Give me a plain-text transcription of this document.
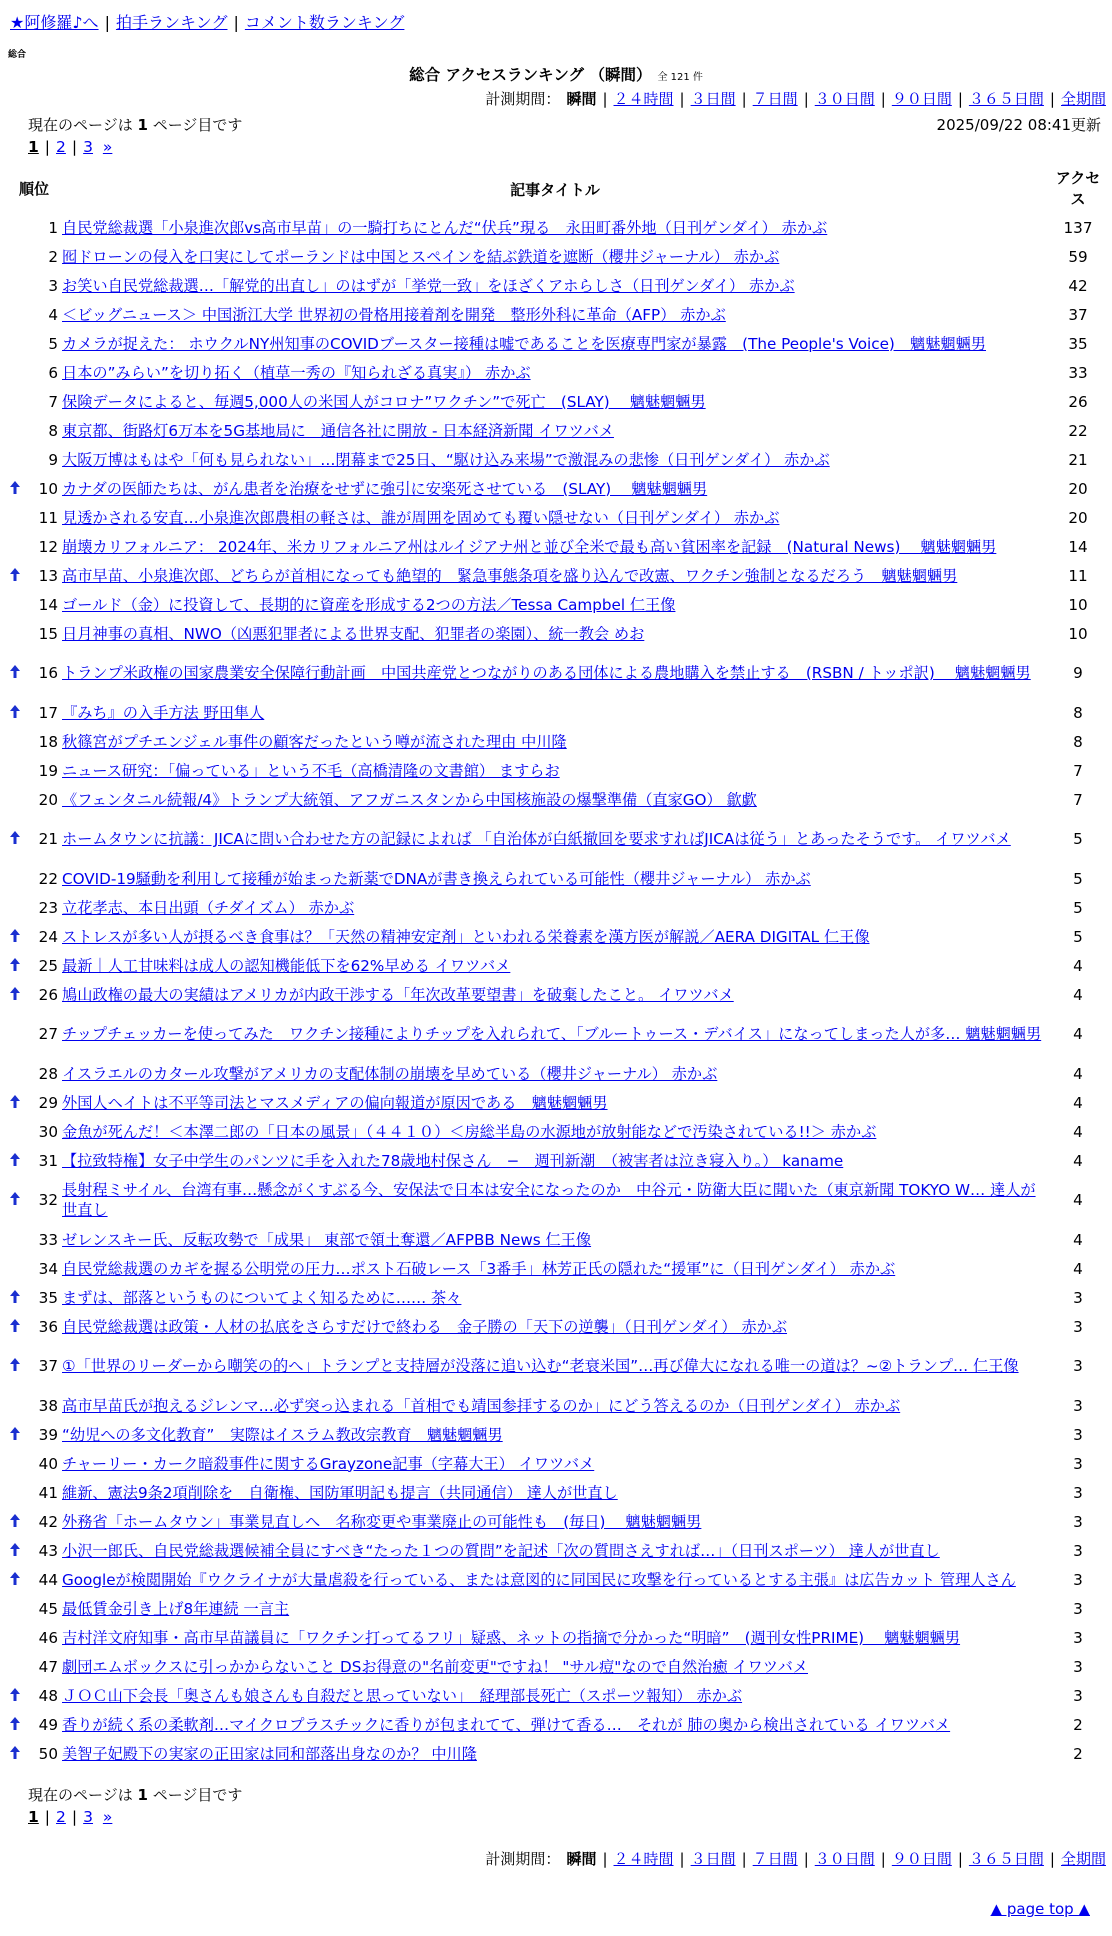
★阿修羅♪へ | 拍手ランキング | コメント数ランキング
総合
総合 アクセスランキング （瞬間） 全 121 件
計測期間： 瞬間 | ２４時間 | ３日間 | ７日間 | ３０日間 | ９０日間 | ３６５日間 | 全期間
現在のページは 1 ページ目です	2025/09/22 08:41更新
1 | 2 | 3 »
順位		記事タイトル	アクセス
	1	自民党総裁選「小泉進次郎vs高市早苗」の一騎打ちにとんだ“伏兵”現る　永田町番外地（日刊ゲンダイ） 赤かぶ	137
	2	囮ドローンの侵入を口実にしてポーランドは中国とスペインを結ぶ鉄道を遮断（櫻井ジャーナル） 赤かぶ	59
	3	お笑い自民党総裁選…「解党的出直し」のはずが「挙党一致」をほざくアホらしさ（日刊ゲンダイ） 赤かぶ	42
	4	＜ビッグニュース＞ 中国浙江大学 世界初の骨格用接着剤を開発　整形外科に革命（AFP） 赤かぶ	37
	5	カメラが捉えた： ホウクルNY州知事のCOVIDブースター接種は嘘であることを医療専門家が暴露　(The People's Voice)　魑魅魍魎男	35
	6	日本の”みらい”を切り拓く（植草一秀の『知られざる真実』） 赤かぶ	33
	7	保険データによると、毎週5,000人の米国人がコロナ”ワクチン”で死亡　(SLAY)　 魑魅魍魎男	26
	8	東京都、街路灯6万本を5G基地局に　通信各社に開放 - 日本経済新聞 イワツバメ	22
	9	大阪万博はもはや「何も見られない」…閉幕まで25日、“駆け込み来場”で激混みの悲惨（日刊ゲンダイ） 赤かぶ	21
	10	カナダの医師たちは、がん患者を治療をせずに強引に安楽死させている　(SLAY)　 魑魅魍魎男	20
	11	見透かされる安直…小泉進次郎農相の軽さは、誰が周囲を固めても覆い隠せない（日刊ゲンダイ） 赤かぶ	20
	12	崩壊カリフォルニア： 2024年、米カリフォルニア州はルイジアナ州と並び全米で最も高い貧困率を記録　(Natural News)　 魑魅魍魎男	14
	13	高市早苗、小泉進次郎、どちらが首相になっても絶望的　緊急事態条項を盛り込んで改憲、ワクチン強制となるだろう　魑魅魍魎男	11
	14	ゴールド（金）に投資して、長期的に資産を形成する2つの方法／Tessa Campbel 仁王像	10
	15	日月神事の真相、NWO（凶悪犯罪者による世界支配、犯罪者の楽園）、統一教会 めお	10
	16	トランプ米政権の国家農業安全保障行動計画　中国共産党とつながりのある団体による農地購入を禁止する　(RSBN / トッポ訳)　 魑魅魍魎男	9
	17	『みち』の入手方法 野田隼人	8
	18	秋篠宮がプチエンジェル事件の顧客だったという噂が流された理由 中川隆	8
	19	ニュース研究：「偏っている」という不毛（高橋清隆の文書館） ますらお	7
	20	《フェンタニル続報/4》トランプ大統領、アフガニスタンから中国核施設の爆撃準備（直家GO） 歙歔	7
	21	ホームタウンに抗議：JICAに問い合わせた方の記録によれば 「自治体が白紙撤回を要求すればJICAは従う」とあったそうです。 イワツバメ	5
	22	COVID-19騒動を利用して接種が始まった新薬でDNAが書き換えられている可能性（櫻井ジャーナル） 赤かぶ	5
	23	立花孝志、本日出頭（チダイズム） 赤かぶ	5
	24	ストレスが多い人が摂るべき食事は？「天然の精神安定剤」といわれる栄養素を漢方医が解説／AERA DIGITAL 仁王像	5
	25	最新｜人工甘味料は成人の認知機能低下を62%早める イワツバメ	4
	26	鳩山政権の最大の実績はアメリカが内政干渉する「年次改革要望書」を破棄したこと。 イワツバメ	4
	27	チップチェッカーを使ってみた　ワクチン接種によりチップを入れられて、「ブルートゥース・デバイス」になってしまった人が多… 魑魅魍魎男	4
	28	イスラエルのカタール攻撃がアメリカの支配体制の崩壊を早めている（櫻井ジャーナル） 赤かぶ	4
	29	外国人ヘイトは不平等司法とマスメディアの偏向報道が原因である　魑魅魍魎男	4
	30	金魚が死んだ！＜本澤二郎の「日本の風景」（４４１０）＜房総半島の水源地が放射能などで汚染されている!!＞ 赤かぶ	4
	31	【拉致特権】女子中学生のパンツに手を入れた78歳地村保さん　−　週刊新潮　（被害者は泣き寝入り。） kaname	4
	32	長射程ミサイル、台湾有事…懸念がくすぶる今、安保法で日本は安全になったのか　中谷元・防衛大臣に聞いた（東京新聞 TOKYO W… 達人が世直し	4
	33	ゼレンスキー氏、反転攻勢で「成果」 東部で領土奪還／AFPBB News 仁王像	4
	34	自民党総裁選のカギを握る公明党の圧力…ポスト石破レース「3番手」林芳正氏の隠れた“援軍”に（日刊ゲンダイ） 赤かぶ	4
	35	まずは、部落というものについてよく知るために…… 茶々	3
	36	自民党総裁選は政策・人材の払底をさらすだけで終わる　金子勝の「天下の逆襲」（日刊ゲンダイ） 赤かぶ	3
	37	①「世界のリーダーから嘲笑の的へ」トランプと支持層が没落に追い込む“老衰米国”…再び偉大になれる唯一の道は？~②トランプ… 仁王像	3
	38	高市早苗氏が抱えるジレンマ…必ず突っ込まれる「首相でも靖国参拝するのか」にどう答えるのか（日刊ゲンダイ） 赤かぶ	3
	39	“幼児への多文化教育”　実際はイスラム教改宗教育　魑魅魍魎男	3
	40	チャーリー・カーク暗殺事件に関するGrayzone記事（字幕大王） イワツバメ	3
	41	維新、憲法9条2項削除を　自衛権、国防軍明記も提言（共同通信） 達人が世直し	3
	42	外務省「ホームタウン」事業見直しへ　名称変更や事業廃止の可能性も　(毎日)　 魑魅魍魎男	3
	43	小沢一郎氏、自民党総裁選候補全員にすべき“たった１つの質問”を記述「次の質問さえすれば…」（日刊スポーツ） 達人が世直し	3
	44	Googleが検閲開始『ウクライナが大量虐殺を行っている、または意図的に同国民に攻撃を行っているとする主張』は広告カット 管理人さん	3
	45	最低賃金引き上げ8年連続 一言主	3
	46	吉村洋文府知事・高市早苗議員に「ワクチン打ってるフリ」疑惑、ネットの指摘で分かった“明暗”　(週刊女性PRIME)　 魑魅魍魎男	3
	47	劇団エムボックスに引っかからないこと DSお得意の"名前変更"ですね！ "サル痘"なので自然治癒 イワツバメ	3
	48	ＪＯＣ山下会長「奥さんも娘さんも自殺だと思っていない」　経理部長死亡（スポーツ報知） 赤かぶ	3
	49	香りが続く系の柔軟剤…マイクロプラスチックに香りが包まれてて、弾けて香る…　それが 肺の奥から検出されている イワツバメ	2
	50	美智子妃殿下の実家の正田家は同和部落出身なのか？ 中川隆	2
現在のページは 1 ページ目です
1 | 2 | 3 »
計測期間： 瞬間 | ２４時間 | ３日間 | ７日間 | ３０日間 | ９０日間 | ３６５日間 | 全期間
▲ page top ▲
